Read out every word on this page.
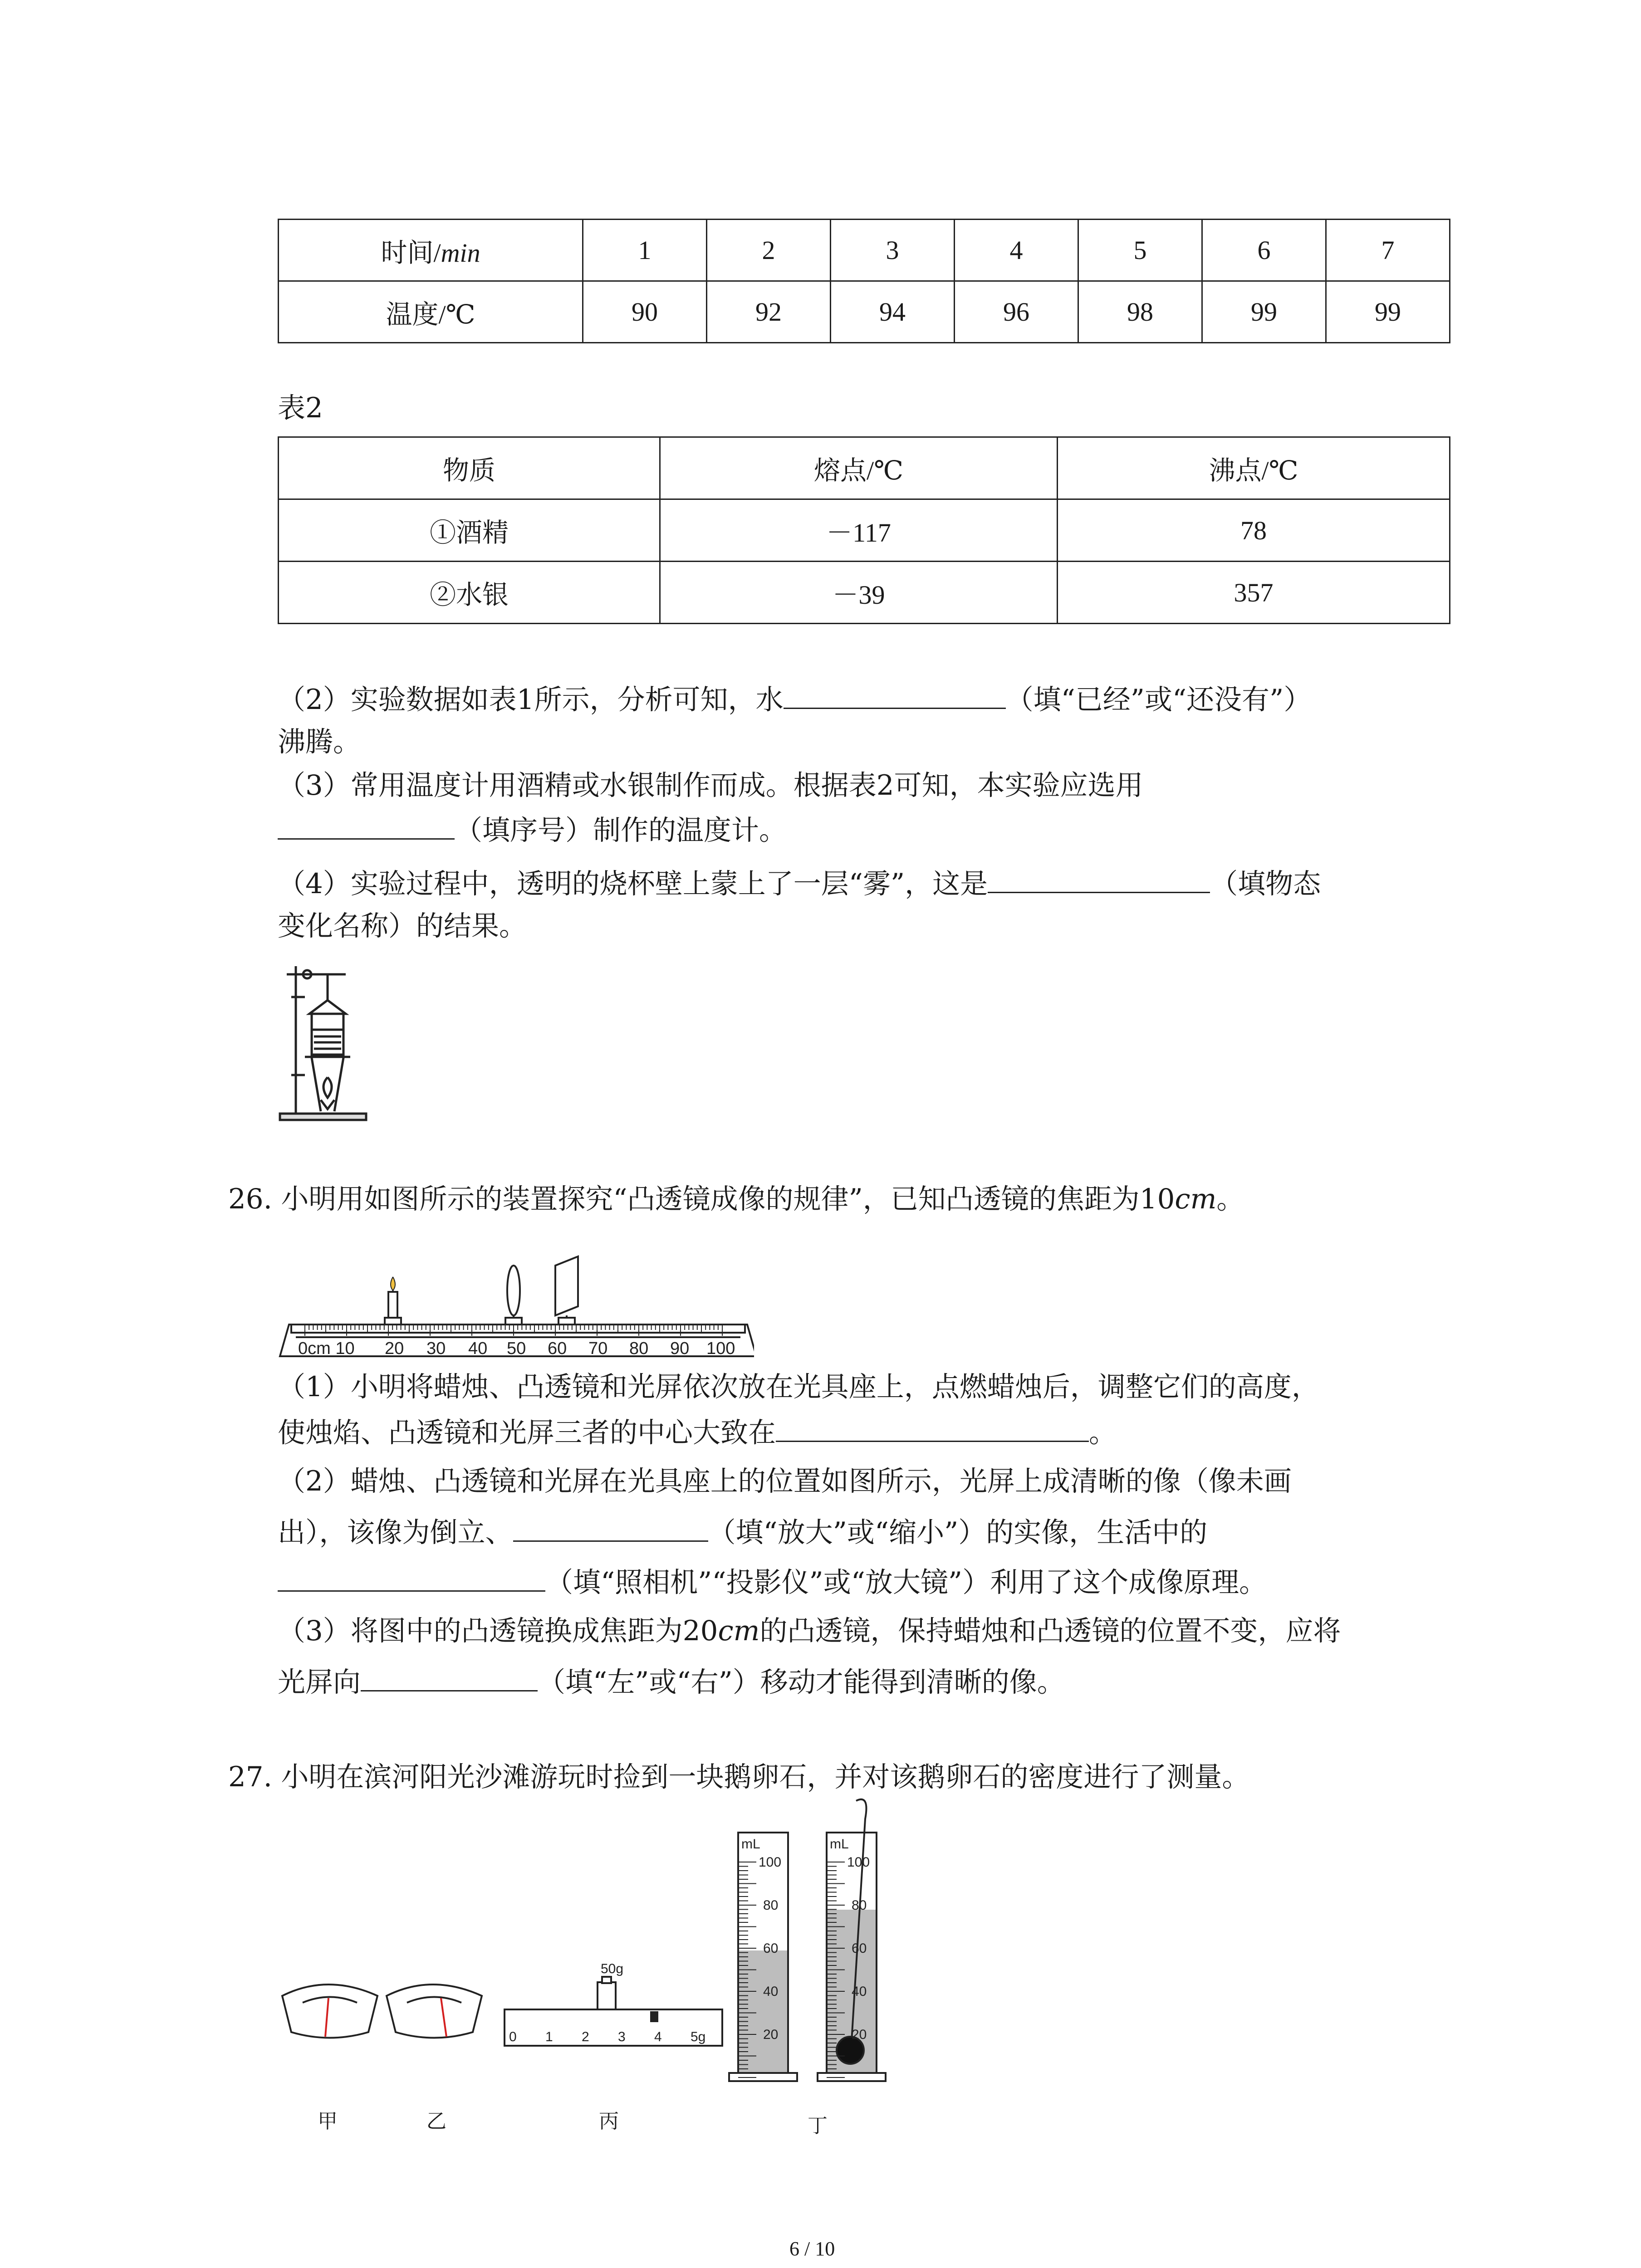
时间/min	1	2	3	4	5	6	7
温度/℃	90	92	94	96	98	99	99
表2
物质	熔点/℃	沸点/℃
①酒精	－117	78
②水银	－39	357
（2）实验数据如表1所示，分析可知，水	（填“已经”或“还没有”）
沸腾。
（3）常用温度计用酒精或水银制作而成。根据表2可知，本实验应选用
（填序号）制作的温度计。
（4）实验过程中，透明的烧杯壁上蒙上了一层“雾”，这是	（填物态
变化名称）的结果。
26. 小明用如图所示的装置探究“凸透镜成像的规律”，已知凸透镜的焦距为10cm。
0cm 10 20 30 40 50 60 70 80 90 100
（1）小明将蜡烛、凸透镜和光屏依次放在光具座上，点燃蜡烛后，调整它们的高度，
使烛焰、凸透镜和光屏三者的中心大致在	。
（2）蜡烛、凸透镜和光屏在光具座上的位置如图所示，光屏上成清晰的像（像未画
出），该像为倒立、	（填“放大”或“缩小”）的实像，生活中的
（填“照相机”“投影仪”或“放大镜”）利用了这个成像原理。
（3）将图中的凸透镜换成焦距为20cm的凸透镜，保持蜡烛和凸透镜的位置不变，应将
光屏向	（填“左”或“右”）移动才能得到清晰的像。
27. 小明在滨河阳光沙滩游玩时捡到一块鹅卵石，并对该鹅卵石的密度进行了测量。
50g
0 1 2 3 4 5g
mL	mL
100
80
60
40
20
100
80
60
40
20
甲	乙	丙	丁
6 / 10
